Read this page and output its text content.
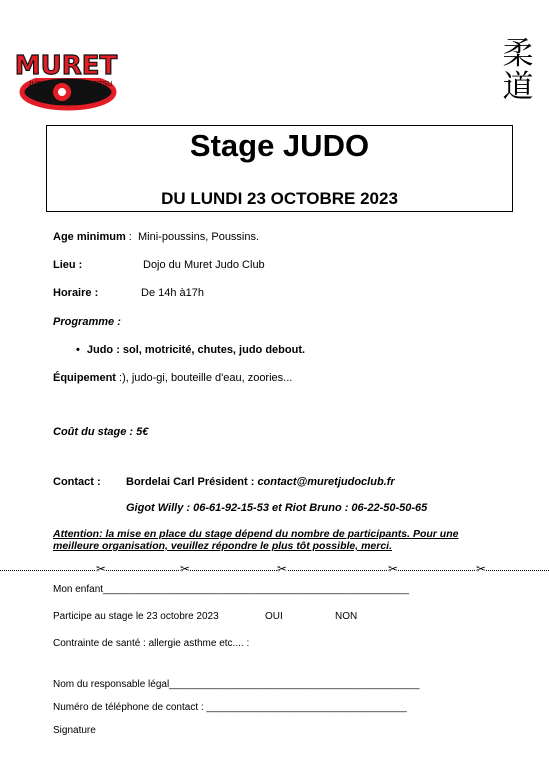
MURET
JUDO	JU-JITSU
柔
道
Stage JUDO
DU LUNDI 23 OCTOBRE 2023
Age minimum : Mini-poussins, Poussins.
Lieu :	Dojo du Muret Judo Club
Horaire :	De 14h à17h
Programme :
• Judo : sol, motricité, chutes, judo debout.
Équipement :), judo-gi, bouteille d'eau, zoories...
Coût du stage : 5€
Contact : Bordelai Carl Président : contact@muretjudoclub.fr
Gigot Willy : 06-61-92-15-53 et Riot Bruno : 06-22-50-50-65
Attention: la mise en place du stage dépend du nombre de participants. Pour une meilleure organisation, veuillez répondre le plus tôt possible, merci.
✂	✂	✂	✂	✂
Mon enfant_______________________________________________________
Participe au stage le 23 octobre 2023	OUI	NON
Contrainte de santé : allergie asthme etc.... :
Nom du responsable légal_____________________________________________
Numéro de téléphone de contact : ____________________________________
Signature
